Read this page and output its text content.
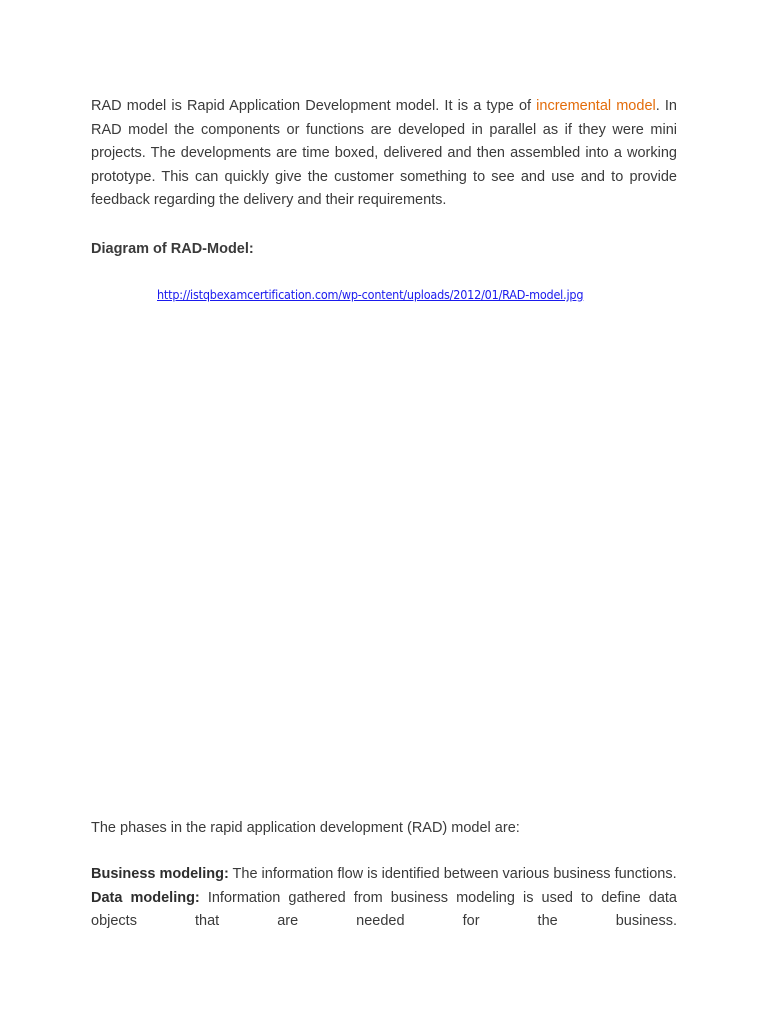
RAD model is Rapid Application Development model. It is a type of incremental model. In RAD model the components or functions are developed in parallel as if they were mini projects. The developments are time boxed, delivered and then assembled into a working prototype. This can quickly give the customer something to see and use and to provide feedback regarding the delivery and their requirements.

Diagram of RAD-Model:

http://istqbexamcertification.com/wp-content/uploads/2012/01/RAD-model.jpg

The phases in the rapid application development (RAD) model are:

Business modeling: The information flow is identified between various business functions.
Data modeling: Information gathered from business modeling is used to define data
objects that are needed for the business.
